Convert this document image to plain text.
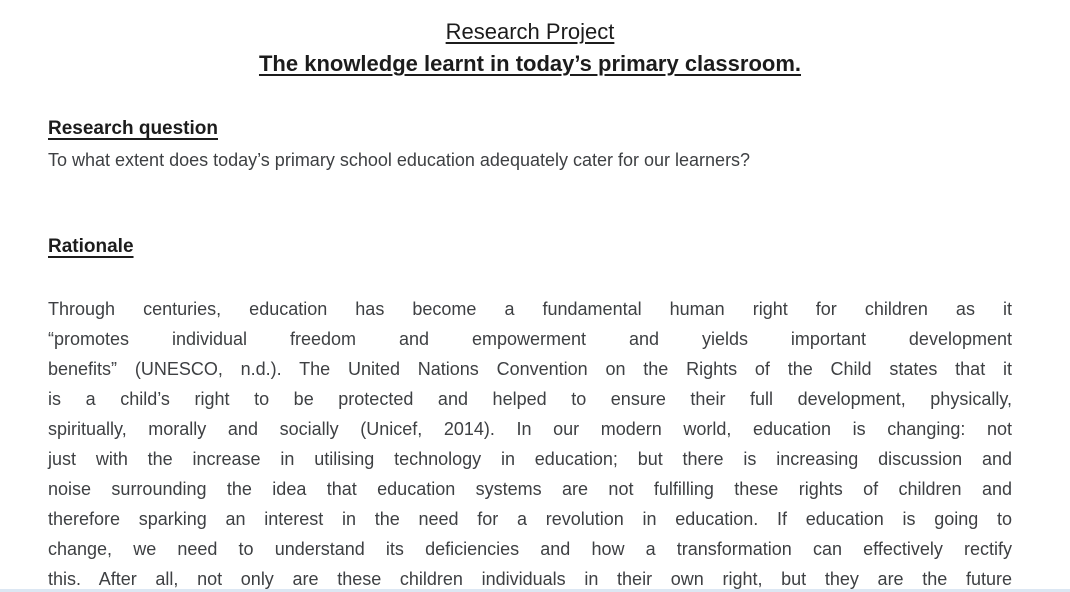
Research Project
The knowledge learnt in today’s primary classroom.
Research question
To what extent does today’s primary school education adequately cater for our learners?
Rationale
Through centuries, education has become a fundamental human right for children as it
“promotes individual freedom and empowerment and yields important development
benefits” (UNESCO, n.d.). The United Nations Convention on the Rights of the Child states that it
is a child’s right to be protected and helped to ensure their full development, physically,
spiritually, morally and socially (Unicef, 2014). In our modern world, education is changing: not
just with the increase in utilising technology in education; but there is increasing discussion and
noise surrounding the idea that education systems are not fulfilling these rights of children and
therefore sparking an interest in the need for a revolution in education. If education is going to
change, we need to understand its deficiencies and how a transformation can effectively rectify
this. After all, not only are these children individuals in their own right, but they are the future
